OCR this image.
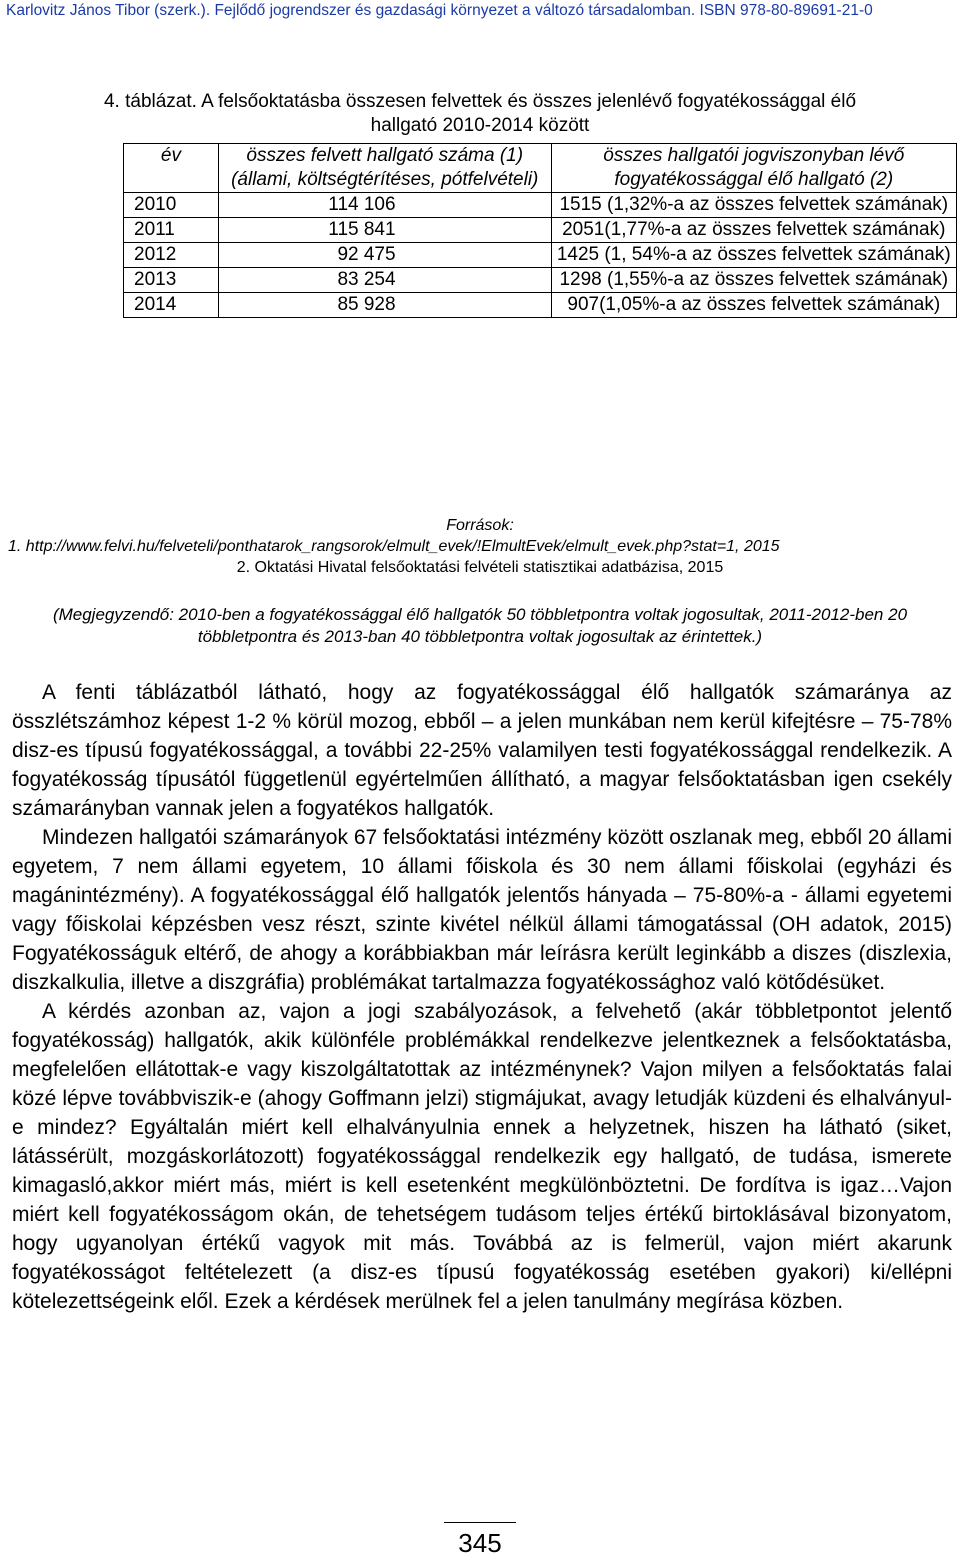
Karlovitz János Tibor (szerk.). Fejlődő jogrendszer és gazdasági környezet a változó társadalomban. ISBN 978-80-89691-21-0
4. táblázat. A felsőoktatásba összesen felvettek és összes jelenlévő fogyatékossággal élő
hallgató 2010-2014 között
év	összes felvett hallgató száma (1) (állami, költségtérítéses, pótfelvételi)	összes hallgatói jogviszonyban lévő fogyatékossággal élő hallgató (2)
2010	114 106	1515 (1,32%-a az összes felvettek számának)
2011	115 841	2051(1,77%-a az összes felvettek számának)
2012	92 475	1425 (1, 54%-a az összes felvettek számának)
2013	83 254	1298 (1,55%-a az összes felvettek számának)
2014	85 928	907(1,05%-a az összes felvettek számának)
Források:
1. http://www.felvi.hu/felveteli/ponthatarok_rangsorok/elmult_evek/!ElmultEvek/elmult_evek.php?stat=1, 2015
2. Oktatási Hivatal felsőoktatási felvételi statisztikai adatbázisa, 2015
(Megjegyzendő: 2010-ben a fogyatékossággal élő hallgatók 50 többletpontra voltak jogosultak, 2011-2012-ben 20 többletpontra és 2013-ban 40 többletpontra voltak jogosultak az érintettek.)

A fenti táblázatból látható, hogy az fogyatékossággal élő hallgatók számaránya az összlétszámhoz képest 1-2 % körül mozog, ebből – a jelen munkában nem kerül kifejtésre – 75-78% disz-es típusú fogyatékossággal, a további 22-25% valamilyen testi fogyatékossággal rendelkezik. A fogyatékosság típusától függetlenül egyértelműen állítható, a magyar felsőoktatásban igen csekély számarányban vannak jelen a fogyatékos hallgatók.

Mindezen hallgatói számarányok 67 felsőoktatási intézmény között oszlanak meg, ebből 20 állami egyetem, 7 nem állami egyetem, 10 állami főiskola és 30 nem állami főiskolai (egyházi és magánintézmény). A fogyatékossággal élő hallgatók jelentős hányada – 75-80%-a - állami egyetemi vagy főiskolai képzésben vesz részt, szinte kivétel nélkül állami támogatással (OH adatok, 2015) Fogyatékosságuk eltérő, de ahogy a korábbiakban már leírásra került leginkább a diszes (diszlexia, diszkalkulia, illetve a diszgráfia) problémákat tartalmazza fogyatékossághoz való kötődésüket.

A kérdés azonban az, vajon a jogi szabályozások, a felvehető (akár többletpontot jelentő fogyatékosság) hallgatók, akik különféle problémákkal rendelkezve jelentkeznek a felsőoktatásba, megfelelően ellátottak-e vagy kiszolgáltatottak az intézménynek? Vajon milyen a felsőoktatás falai közé lépve továbbviszik-e (ahogy Goffmann jelzi) stigmájukat, avagy letudják küzdeni és elhalványul-e mindez? Egyáltalán miért kell elhalványulnia ennek a helyzetnek, hiszen ha látható (siket, látássérült, mozgáskorlátozott) fogyatékossággal rendelkezik egy hallgató, de tudása, ismerete kimagasló,akkor miért más, miért is kell esetenként megkülönböztetni. De fordítva is igaz…Vajon miért kell fogyatékosságom okán, de tehetségem tudásom teljes értékű birtoklásával bizonyatom, hogy ugyanolyan értékű vagyok mit más. Továbbá az is felmerül, vajon miért akarunk fogyatékosságot feltételezett (a disz-es típusú fogyatékosság esetében gyakori) ki/ellépni kötelezettségeink elől. Ezek a kérdések merülnek fel a jelen tanulmány megírása közben.

345
